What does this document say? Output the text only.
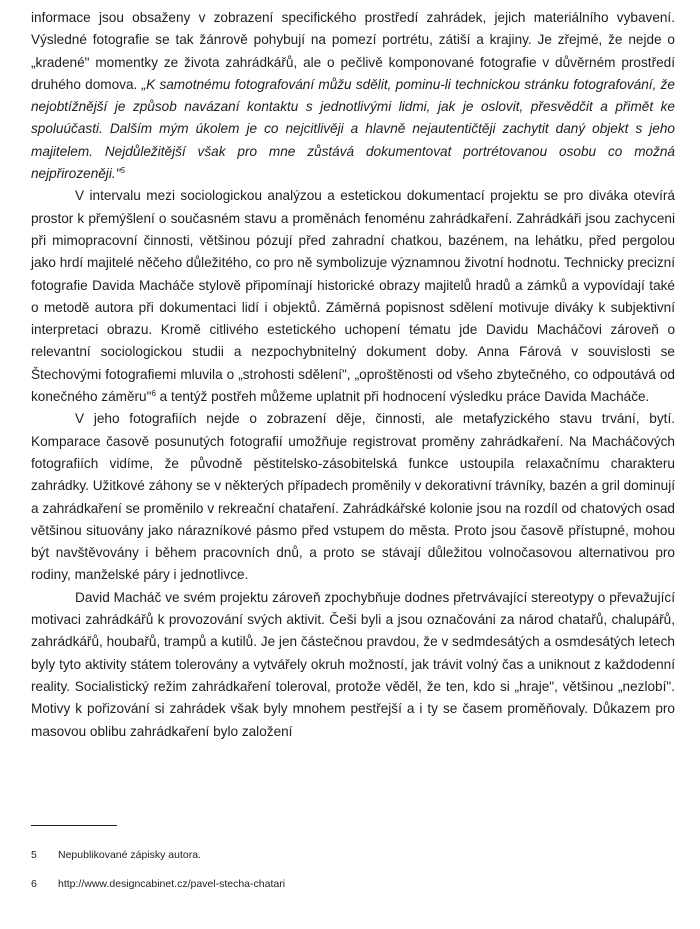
informace jsou obsaženy v zobrazení specifického prostředí zahrádek, jejich materiálního vybavení. Výsledné fotografie se tak žánrově pohybují na pomezí portrétu, zátiší a krajiny. Je zřejmé, že nejde o „kradené" momentky ze života zahrádkářů, ale o pečlivě komponované fotografie v důvěrném prostředí druhého domova. „K samotnému fotografování můžu sdělit, pominu-li technickou stránku fotografování, že nejobtížnější je způsob navázaní kontaktu s jednotlivými lidmi, jak je oslovit, přesvědčit a přimět ke spoluúčasti. Dalším mým úkolem je co nejcitlivěji a hlavně nejautentičtěji zachytit daný objekt s jeho majitelem. Nejdůležitější však pro mne zůstává dokumentovat portrétovanou osobu co možná nejpřirozeněji."$^5$

V intervalu mezi sociologickou analýzou a estetickou dokumentací projektu se pro diváka otevírá prostor k přemýšlení o současném stavu a proměnách fenoménu zahrádkaření. Zahrádkáři jsou zachyceni při mimopracovní činnosti, většinou pózují před zahradní chatkou, bazénem, na lehátku, před pergolou jako hrdí majitelé něčeho důležitého, co pro ně symbolizuje významnou životní hodnotu. Technicky precizní fotografie Davida Macháče stylově připomínají historické obrazy majitelů hradů a zámků a vypovídají také o metodě autora při dokumentaci lidí i objektů. Záměrná popisnost sdělení motivuje diváky k subjektivní interpretaci obrazu. Kromě citlivého estetického uchopení tématu jde Davidu Macháčovi zároveň o relevantní sociologickou studii a nezpochybnitelný dokument doby. Anna Fárová v souvislosti se Štechovými fotografiemi mluvila o „strohosti sdělení", „oproštěnosti od všeho zbytečného, co odpoutává od konečného záměru"$^6$ a tentýž postřeh můžeme uplatnit při hodnocení výsledku práce Davida Macháče.

V jeho fotografiích nejde o zobrazení děje, činnosti, ale metafyzického stavu trvání, bytí. Komparace časově posunutých fotografií umožňuje registrovat proměny zahrádkaření. Na Macháčových fotografiích vidíme, že původně pěstitelsko-zásobitelská funkce ustoupila relaxačnímu charakteru zahrádky. Užitkové záhony se v některých případech proměnily v dekorativní trávníky, bazén a gril dominují a zahrádkaření se proměnilo v rekreační chataření. Zahrádkářské kolonie jsou na rozdíl od chatových osad většinou situovány jako nárazníkové pásmo před vstupem do města. Proto jsou časově přístupné, mohou být navštěvovány i během pracovních dnů, a proto se stávají důležitou volnočasovou alternativou pro rodiny, manželské páry i jednotlivce.

David Macháč ve svém projektu zároveň zpochybňuje dodnes přetrvávající stereotypy o převažující motivaci zahrádkářů k provozování svých aktivit. Češi byli a jsou označováni za národ chatařů, chalupářů, zahrádkářů, houbařů, trampů a kutilů. Je jen částečnou pravdou, že v sedmdesátých a osmdesátých letech byly tyto aktivity státem tolerovány a vytvářely okruh možností, jak trávit volný čas a uniknout z každodenní reality. Socialistický režim zahrádkaření toleroval, protože věděl, že ten, kdo si „hraje", většinou „nezlobí". Motivy k pořizování si zahrádek však byly mnohem pestřejší a i ty se časem proměňovaly. Důkazem pro masovou oblibu zahrádkaření bylo založení

5 Nepublikované zápisky autora.
6 http://www.designcabinet.cz/pavel-stecha-chatari
